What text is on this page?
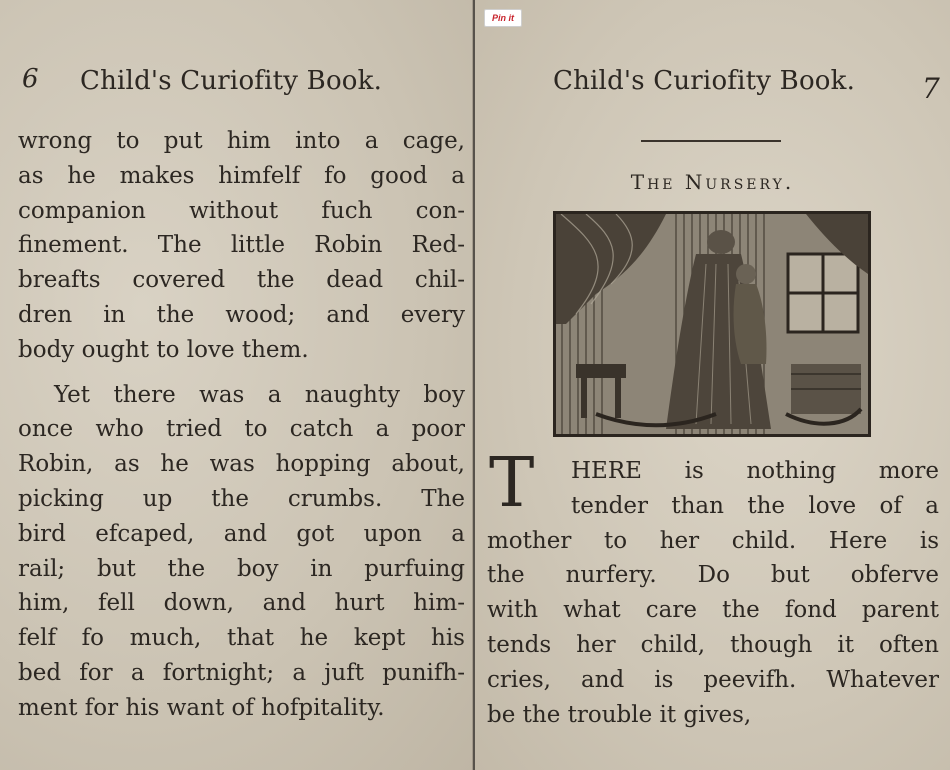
6 Child's Curiofity Book.
wrong to put him into a cage,
as he makes himfelf fo good a
companion without fuch con-
finement. The little Robin Red-
breafts covered the dead chil-
dren in the wood; and every
body ought to love them.
Yet there was a naughty boy
once who tried to catch a poor
Robin, as he was hopping about,
picking up the crumbs. The
bird efcaped, and got upon a
rail; but the boy in purfuing
him, fell down, and hurt him-
felf fo much, that he kept his
bed for a fortnight; a juft punifh-
ment for his want of hofpitality.
Child's Curiofity Book. 7
The Nursery.
T	HERE is nothing more
tender than the love of a
mother to her child. Here is
the nurfery. Do but obferve
with what care the fond parent
tends her child, though it often
cries, and is peevifh. Whatever
be the trouble it gives,
Pin it
